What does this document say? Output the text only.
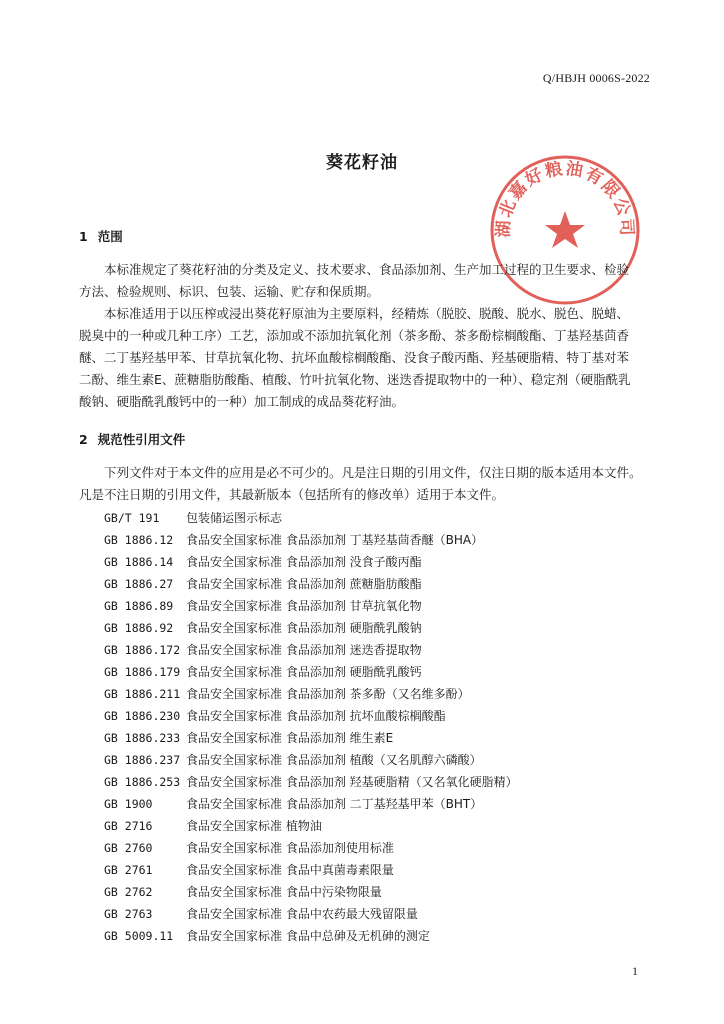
Q/HBJH 0006S-2022
湖北嘉好粮油有限公司
葵花籽油
1 范围
本标准规定了葵花籽油的分类及定义、技术要求、食品添加剂、生产加工过程的卫生要求、检验
方法、检验规则、标识、包装、运输、贮存和保质期。
本标准适用于以压榨或浸出葵花籽原油为主要原料，经精炼（脱胶、脱酸、脱水、脱色、脱蜡、
脱臭中的一种或几种工序）工艺，添加或不添加抗氧化剂（茶多酚、茶多酚棕榈酸酯、丁基羟基茴香
醚、二丁基羟基甲苯、甘草抗氧化物、抗坏血酸棕榈酸酯、没食子酸丙酯、羟基硬脂精、特丁基对苯
二酚、维生素E、蔗糖脂肪酸酯、植酸、竹叶抗氧化物、迷迭香提取物中的一种）、稳定剂（硬脂酰乳
酸钠、硬脂酰乳酸钙中的一种）加工制成的成品葵花籽油。
2 规范性引用文件
下列文件对于本文件的应用是必不可少的。凡是注日期的引用文件，仅注日期的版本适用本文件。
凡是不注日期的引用文件，其最新版本（包括所有的修改单）适用于本文件。
GB/T 191 包装储运图示标志
GB 1886.12 食品安全国家标准 食品添加剂 丁基羟基茴香醚（BHA）
GB 1886.14 食品安全国家标准 食品添加剂 没食子酸丙酯
GB 1886.27 食品安全国家标准 食品添加剂 蔗糖脂肪酸酯
GB 1886.89 食品安全国家标准 食品添加剂 甘草抗氧化物
GB 1886.92 食品安全国家标准 食品添加剂 硬脂酰乳酸钠
GB 1886.172 食品安全国家标准 食品添加剂 迷迭香提取物
GB 1886.179 食品安全国家标准 食品添加剂 硬脂酰乳酸钙
GB 1886.211 食品安全国家标准 食品添加剂 茶多酚（又名维多酚）
GB 1886.230 食品安全国家标准 食品添加剂 抗坏血酸棕榈酸酯
GB 1886.233 食品安全国家标准 食品添加剂 维生素E
GB 1886.237 食品安全国家标准 食品添加剂 植酸（又名肌醇六磷酸）
GB 1886.253 食品安全国家标准 食品添加剂 羟基硬脂精（又名氧化硬脂精）
GB 1900	食品安全国家标准 食品添加剂 二丁基羟基甲苯（BHT）
GB 2716	食品安全国家标准 植物油
GB 2760	食品安全国家标准 食品添加剂使用标准
GB 2761	食品安全国家标准 食品中真菌毒素限量
GB 2762	食品安全国家标准 食品中污染物限量
GB 2763	食品安全国家标准 食品中农药最大残留限量
GB 5009.11 食品安全国家标准 食品中总砷及无机砷的测定
1
